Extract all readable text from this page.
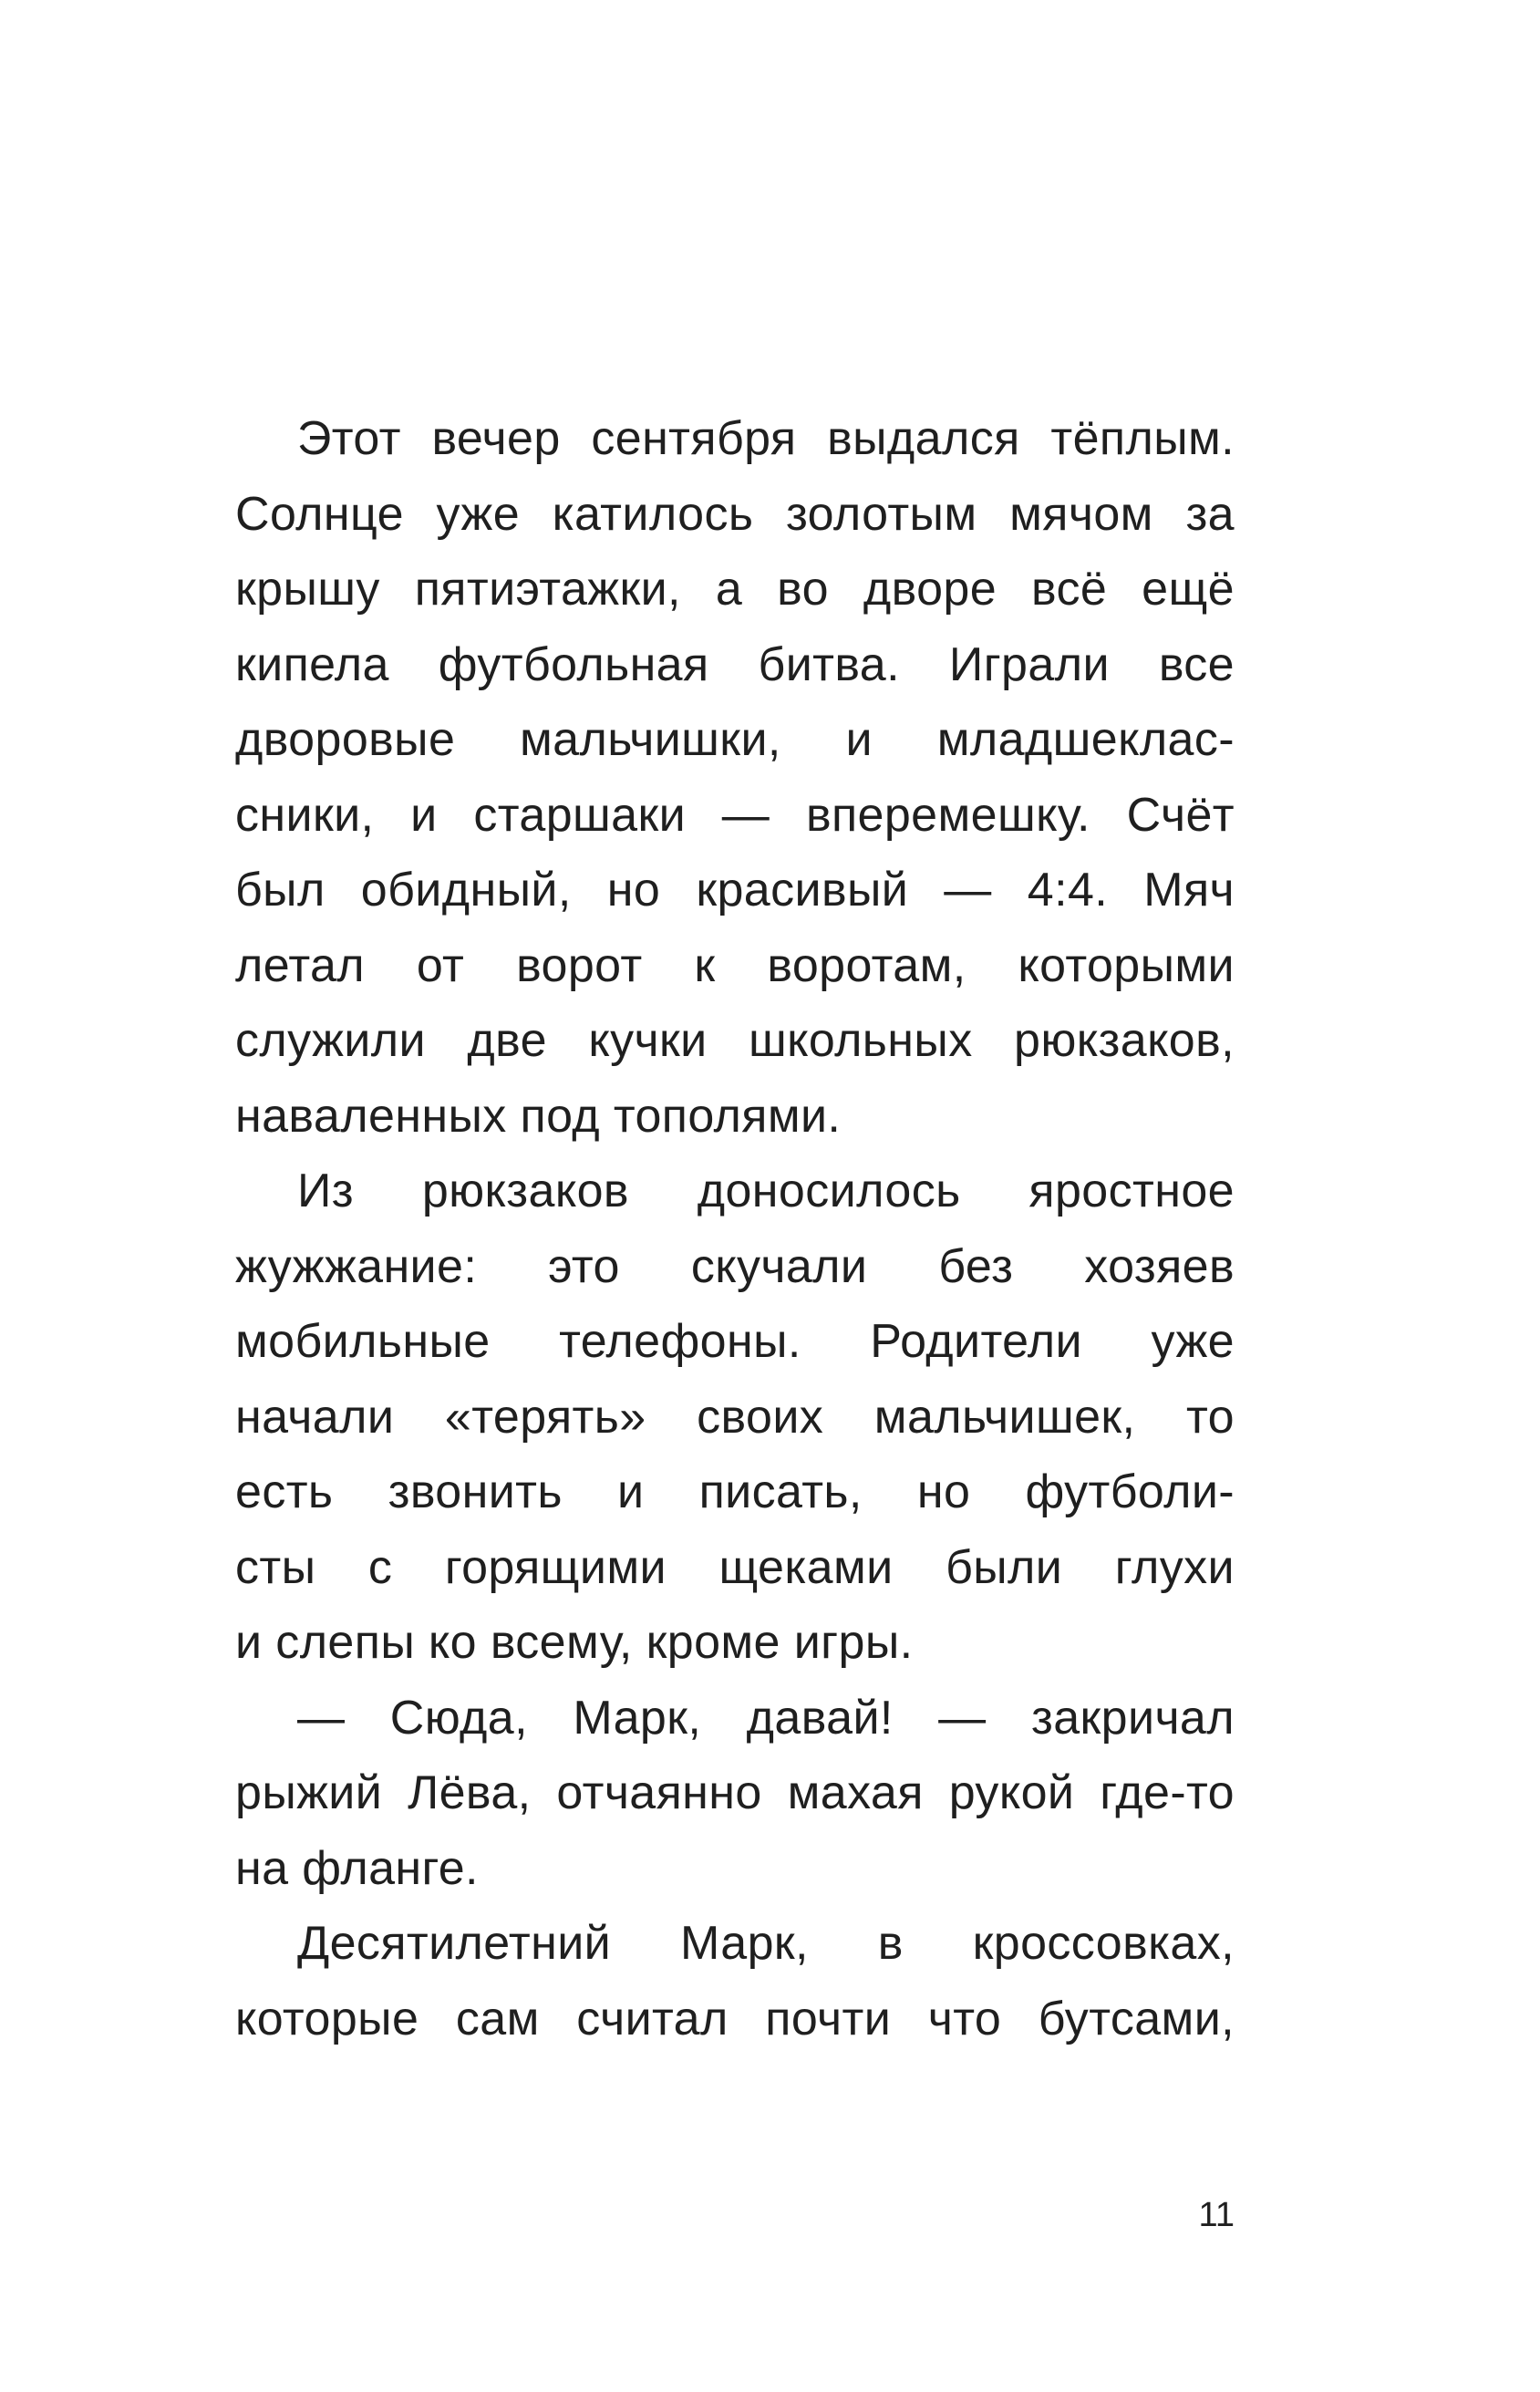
Этот вечер сентября выдался тёплым.
Солнце уже катилось золотым мячом за
крышу пятиэтажки, а во дворе всё ещё
кипела футбольная битва. Играли все
дворовые мальчишки, и младшеклас-
сники, и старшаки — вперемешку. Счёт
был обидный, но красивый — 4:4. Мяч
летал от ворот к воротам, которыми
служили две кучки школьных рюкзаков,
наваленных под тополями.
Из рюкзаков доносилось яростное
жужжание: это скучали без хозяев
мобильные телефоны. Родители уже
начали «терять» своих мальчишек, то
есть звонить и писать, но футболи-
сты с горящими щеками были глухи
и слепы ко всему, кроме игры.
— Сюда, Марк, давай! — закричал
рыжий Лёва, отчаянно махая рукой где-то
на фланге.
Десятилетний Марк, в кроссовках,
которые сам считал почти что бутсами,
11
